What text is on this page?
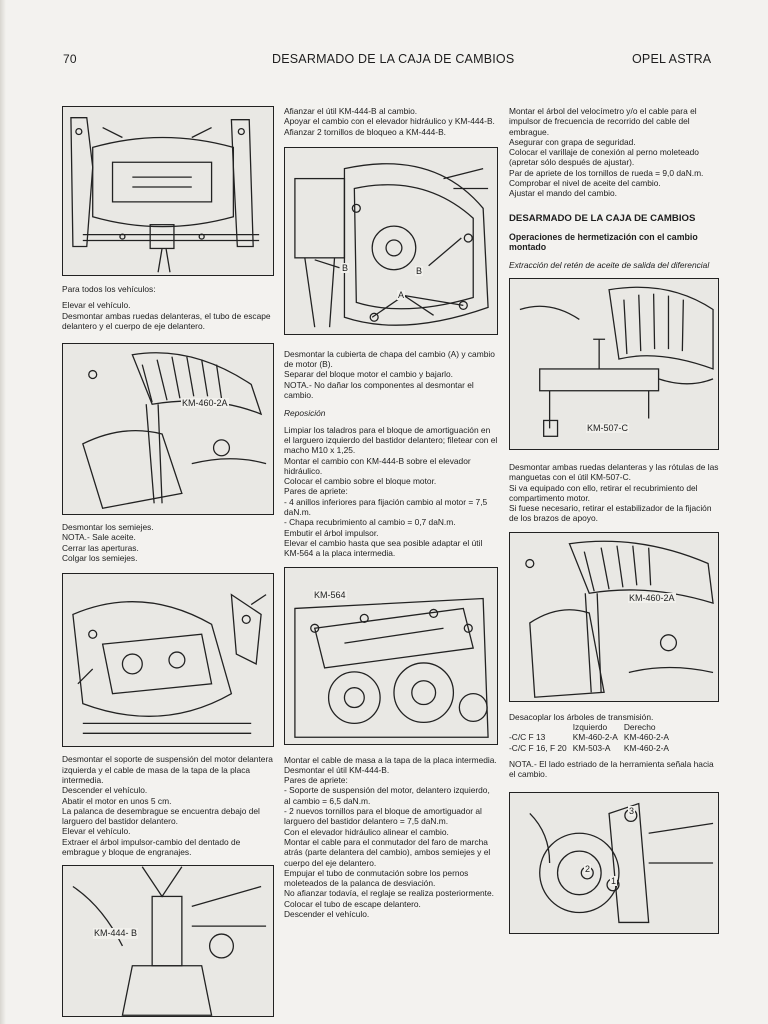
70	DESARMADO DE LA CAJA DE CAMBIOS	OPEL ASTRA

Para todos los vehículos:

Elevar el vehículo.

Desmontar ambas ruedas delanteras, el tubo de escape delantero y el cuerpo de eje delantero.

KM-460-2A

Desmontar los semiejes.

NOTA.- Sale aceite.

Cerrar las aperturas.

Colgar los semiejes.

Desmontar el soporte de suspensión del motor delantera izquierda y el cable de masa de la tapa de la placa intermedia.

Descender el vehículo.

Abatir el motor en unos 5 cm.

La palanca de desembrague se encuentra debajo del larguero del bastidor delantero.

Elevar el vehículo.

Extraer el árbol impulsor-cambio del dentado de embrague y bloque de engranajes.

KM-444- B

Afianzar el útil KM-444-B al cambio.

Apoyar el cambio con el elevador hidráulico y KM-444-B.

Afianzar 2 tornillos de bloqueo a KM-444-B.

B	B
A

Desmontar la cubierta de chapa del cambio (A) y cambio de motor (B).

Separar del bloque motor el cambio y bajarlo.

NOTA.- No dañar los componentes al desmontar el cambio.

Reposición

Limpiar los taladros para el bloque de amortiguación en el larguero izquierdo del bastidor delantero; filetear con el macho M10 x 1,25.

Montar el cambio con KM-444-B sobre el elevador hidráulico.

Colocar el cambio sobre el bloque motor.

Pares de apriete:

- 4 anillos inferiores para fijación cambio al motor = 7,5 daN.m.

- Chapa recubrimiento al cambio = 0,7 daN.m.

Embutir el árbol impulsor.

Elevar el cambio hasta que sea posible adaptar el útil KM-564 a la placa intermedia.

KM-564

Montar el cable de masa a la tapa de la placa intermedia.

Desmontar el útil KM-444-B.

Pares de apriete:

- Soporte de suspensión del motor, delantero izquierdo, al cambio = 6,5 daN.m.

- 2 nuevos tornillos para el bloque de amortiguador al larguero del bastidor delantero = 7,5 daN.m.

Con el elevador hidráulico alinear el cambio.

Montar el cable para el conmutador del faro de marcha atrás (parte delantera del cambio), ambos semiejes y el cuerpo del eje delantero.

Empujar el tubo de conmutación sobre los pernos moleteados de la palanca de desviación.

No afianzar todavía, el reglaje se realiza posteriormente.

Colocar el tubo de escape delantero.

Descender el vehículo.

Montar el árbol del velocímetro y/o el cable para el impulsor de frecuencia de recorrido del cable del embrague.

Asegurar con grapa de seguridad.

Colocar el varillaje de conexión al perno moleteado (apretar sólo después de ajustar).

Par de apriete de los tornillos de rueda = 9,0 daN.m.

Comprobar el nivel de aceite del cambio.

Ajustar el mando del cambio.

DESARMADO DE LA CAJA DE CAMBIOS

Operaciones de hermetización con el cambio montado

Extracción del retén de aceite de salida del diferencial

KM-507-C

Desmontar ambas ruedas delanteras y las rótulas de las manguetas con el útil KM-507-C.

Si va equipado con ello, retirar el recubrimiento del compartimento motor.

Si fuese necesario, retirar el estabilizador de la fijación de los brazos de apoyo.

KM-460-2A

Desacoplar los árboles de transmisión.

	Izquierdo	Derecho
-C/C F 13	KM-460-2-A	KM-460-2-A
-C/C F 16, F 20	KM-503-A	KM-460-2-A

NOTA.- El lado estriado de la herramienta señala hacia el cambio.

3
2
1
